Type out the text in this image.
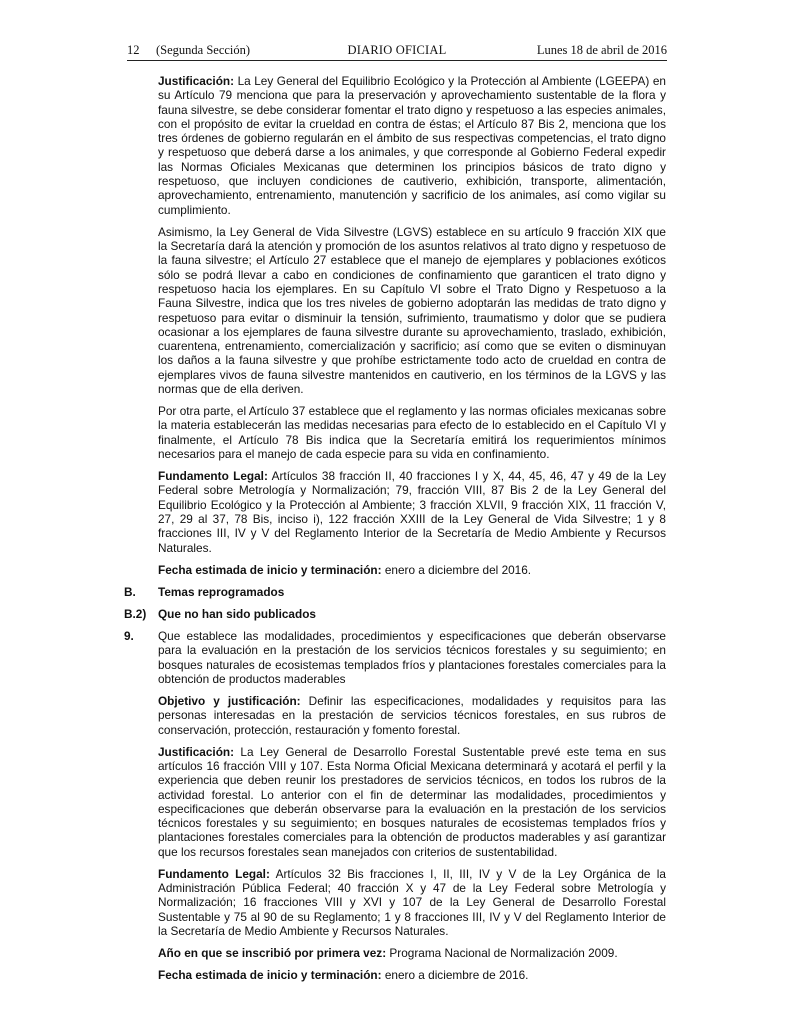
12 (Segunda Sección)	DIARIO OFICIAL	Lunes 18 de abril de 2016

Justificación: La Ley General del Equilibrio Ecológico y la Protección al Ambiente (LGEEPA) en su Artículo 79 menciona que para la preservación y aprovechamiento sustentable de la flora y fauna silvestre, se debe considerar fomentar el trato digno y respetuoso a las especies animales, con el propósito de evitar la crueldad en contra de éstas; el Artículo 87 Bis 2, menciona que los tres órdenes de gobierno regularán en el ámbito de sus respectivas competencias, el trato digno y respetuoso que deberá darse a los animales, y que corresponde al Gobierno Federal expedir las Normas Oficiales Mexicanas que determinen los principios básicos de trato digno y respetuoso, que incluyen condiciones de cautiverio, exhibición, transporte, alimentación, aprovechamiento, entrenamiento, manutención y sacrificio de los animales, así como vigilar su cumplimiento.

Asimismo, la Ley General de Vida Silvestre (LGVS) establece en su artículo 9 fracción XIX que la Secretaría dará la atención y promoción de los asuntos relativos al trato digno y respetuoso de la fauna silvestre; el Artículo 27 establece que el manejo de ejemplares y poblaciones exóticos sólo se podrá llevar a cabo en condiciones de confinamiento que garanticen el trato digno y respetuoso hacia los ejemplares. En su Capítulo VI sobre el Trato Digno y Respetuoso a la Fauna Silvestre, indica que los tres niveles de gobierno adoptarán las medidas de trato digno y respetuoso para evitar o disminuir la tensión, sufrimiento, traumatismo y dolor que se pudiera ocasionar a los ejemplares de fauna silvestre durante su aprovechamiento, traslado, exhibición, cuarentena, entrenamiento, comercialización y sacrificio; así como que se eviten o disminuyan los daños a la fauna silvestre y que prohíbe estrictamente todo acto de crueldad en contra de ejemplares vivos de fauna silvestre mantenidos en cautiverio, en los términos de la LGVS y las normas que de ella deriven.

Por otra parte, el Artículo 37 establece que el reglamento y las normas oficiales mexicanas sobre la materia establecerán las medidas necesarias para efecto de lo establecido en el Capítulo VI y finalmente, el Artículo 78 Bis indica que la Secretaría emitirá los requerimientos mínimos necesarios para el manejo de cada especie para su vida en confinamiento.

Fundamento Legal: Artículos 38 fracción II, 40 fracciones I y X, 44, 45, 46, 47 y 49 de la Ley Federal sobre Metrología y Normalización; 79, fracción VIII, 87 Bis 2 de la Ley General del Equilibrio Ecológico y la Protección al Ambiente; 3 fracción XLVII, 9 fracción XIX, 11 fracción V, 27, 29 al 37, 78 Bis, inciso i), 122 fracción XXIII de la Ley General de Vida Silvestre; 1 y 8 fracciones III, IV y V del Reglamento Interior de la Secretaría de Medio Ambiente y Recursos Naturales.

Fecha estimada de inicio y terminación: enero a diciembre del 2016.

B. Temas reprogramados
B.2) Que no han sido publicados
9. Que establece las modalidades, procedimientos y especificaciones que deberán observarse para la evaluación en la prestación de los servicios técnicos forestales y su seguimiento; en bosques naturales de ecosistemas templados fríos y plantaciones forestales comerciales para la obtención de productos maderables

Objetivo y justificación: Definir las especificaciones, modalidades y requisitos para las personas interesadas en la prestación de servicios técnicos forestales, en sus rubros de conservación, protección, restauración y fomento forestal.

Justificación: La Ley General de Desarrollo Forestal Sustentable prevé este tema en sus artículos 16 fracción VIII y 107. Esta Norma Oficial Mexicana determinará y acotará el perfil y la experiencia que deben reunir los prestadores de servicios técnicos, en todos los rubros de la actividad forestal. Lo anterior con el fin de determinar las modalidades, procedimientos y especificaciones que deberán observarse para la evaluación en la prestación de los servicios técnicos forestales y su seguimiento; en bosques naturales de ecosistemas templados fríos y plantaciones forestales comerciales para la obtención de productos maderables y así garantizar que los recursos forestales sean manejados con criterios de sustentabilidad.

Fundamento Legal: Artículos 32 Bis fracciones I, II, III, IV y V de la Ley Orgánica de la Administración Pública Federal; 40 fracción X y 47 de la Ley Federal sobre Metrología y Normalización; 16 fracciones VIII y XVI y 107 de la Ley General de Desarrollo Forestal Sustentable y 75 al 90 de su Reglamento; 1 y 8 fracciones III, IV y V del Reglamento Interior de la Secretaría de Medio Ambiente y Recursos Naturales.

Año en que se inscribió por primera vez: Programa Nacional de Normalización 2009.

Fecha estimada de inicio y terminación: enero a diciembre de 2016.
